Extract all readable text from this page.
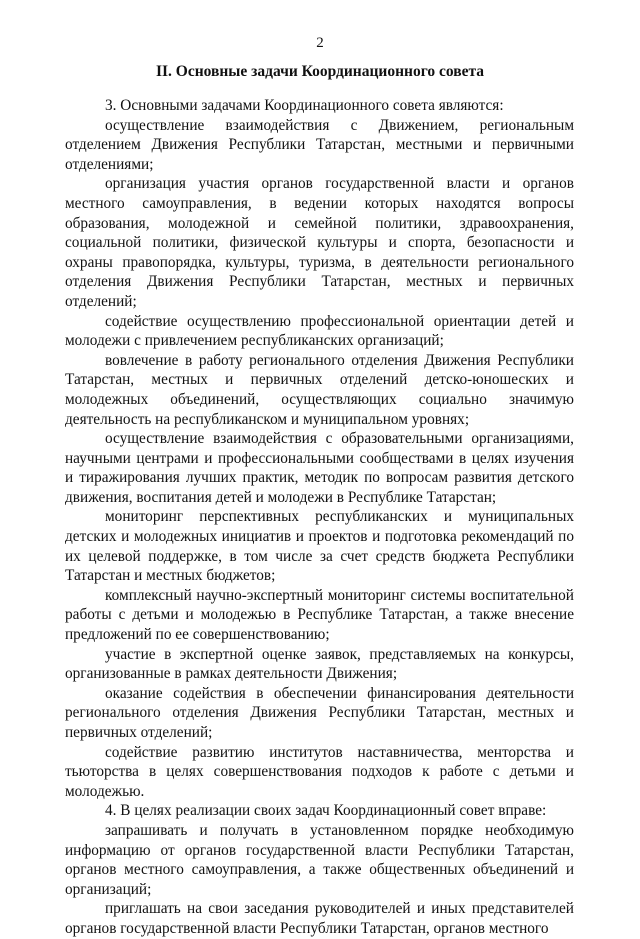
2
II. Основные задачи Координационного совета

3. Основными задачами Координационного совета являются:

осуществление взаимодействия с Движением, региональным отделением Движения Республики Татарстан, местными и первичными отделениями;

организация участия органов государственной власти и органов местного самоуправления, в ведении которых находятся вопросы образования, молодежной и семейной политики, здравоохранения, социальной политики, физической культуры и спорта, безопасности и охраны правопорядка, культуры, туризма, в деятельности регионального отделения Движения Республики Татарстан, местных и первичных отделений;

содействие осуществлению профессиональной ориентации детей и молодежи с привлечением республиканских организаций;

вовлечение в работу регионального отделения Движения Республики Татарстан, местных и первичных отделений детско-юношеских и молодежных объединений, осуществляющих социально значимую деятельность на республиканском и муниципальном уровнях;

осуществление взаимодействия с образовательными организациями, научными центрами и профессиональными сообществами в целях изучения и тиражирования лучших практик, методик по вопросам развития детского движения, воспитания детей и молодежи в Республике Татарстан;

мониторинг перспективных республиканских и муниципальных детских и молодежных инициатив и проектов и подготовка рекомендаций по их целевой поддержке, в том числе за счет средств бюджета Республики Татарстан и местных бюджетов;

комплексный научно-экспертный мониторинг системы воспитательной работы с детьми и молодежью в Республике Татарстан, а также внесение предложений по ее совершенствованию;

участие в экспертной оценке заявок, представляемых на конкурсы, организованные в рамках деятельности Движения;

оказание содействия в обеспечении финансирования деятельности регионального отделения Движения Республики Татарстан, местных и первичных отделений;

содействие развитию институтов наставничества, менторства и тьюторства в целях совершенствования подходов к работе с детьми и молодежью.

4. В целях реализации своих задач Координационный совет вправе:

запрашивать и получать в установленном порядке необходимую информацию от органов государственной власти Республики Татарстан, органов местного самоуправления, а также общественных объединений и организаций;

приглашать на свои заседания руководителей и иных представителей органов государственной власти Республики Татарстан, органов местного
